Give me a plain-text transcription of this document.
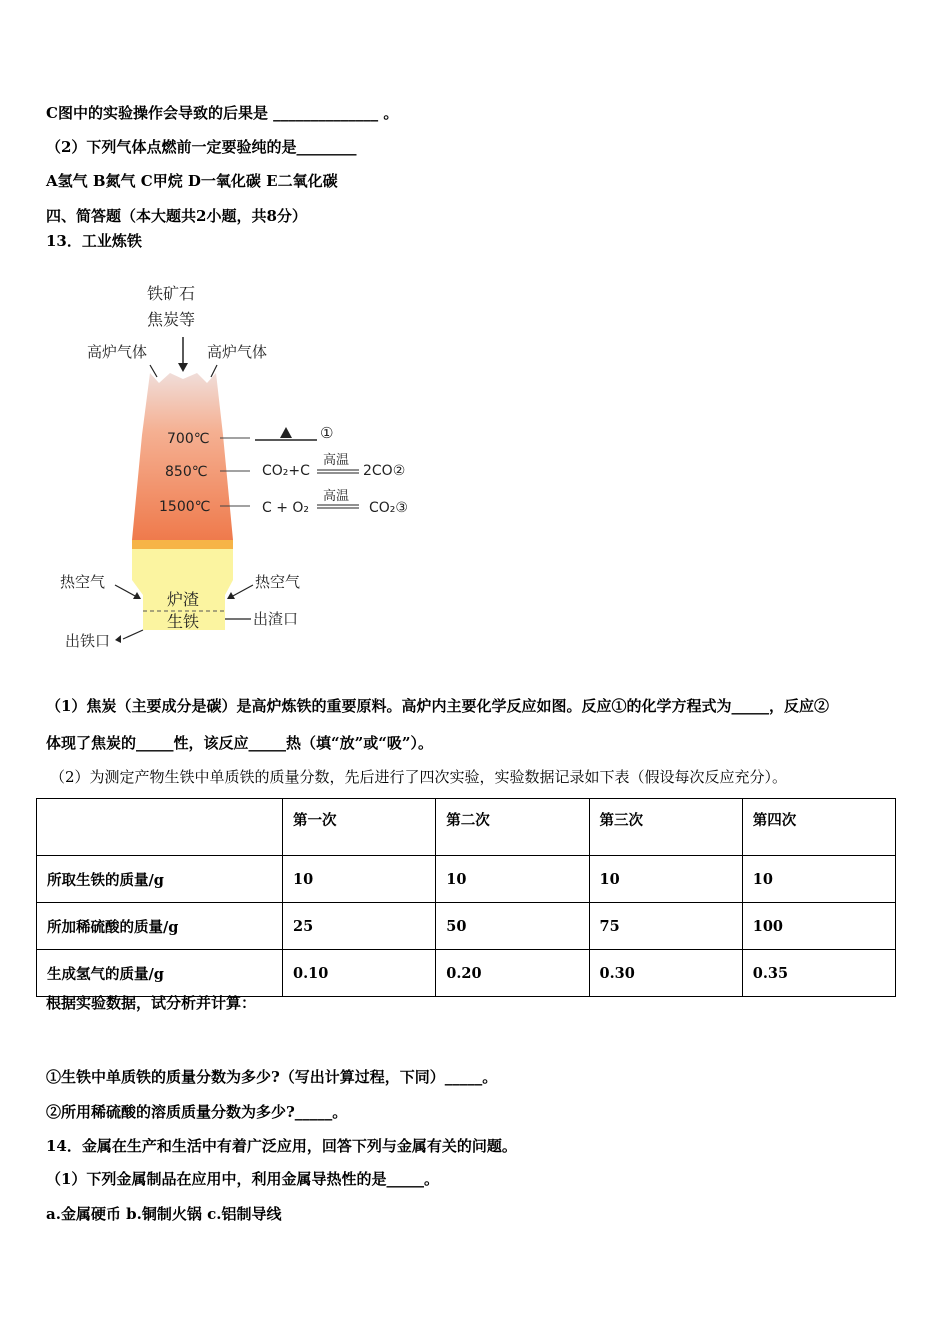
C图中的实验操作会导致的后果是 ______________ 。
（2）下列气体点燃前一定要验纯的是________
A氢气 B氮气 C甲烷 D一氧化碳 E二氧化碳
四、简答题（本大题共2小题，共8分）
13．工业炼铁
铁矿石
焦炭等
高炉气体	高炉气体
700℃
850℃
1500℃
①
CO₂+C
高温
2CO②
C + O₂
高温
CO₂③
热空气	热空气
炉渣
生铁	出渣口
出铁口
（1）焦炭（主要成分是碳）是高炉炼铁的重要原料。高炉内主要化学反应如图。反应①的化学方程式为_____，反应②
体现了焦炭的_____性，该反应_____热（填“放”或“吸”）。
（2）为测定产物生铁中单质铁的质量分数，先后进行了四次实验，实验数据记录如下表（假设每次反应充分）。
	第一次	第二次	第三次	第四次
所取生铁的质量/g	10	10	10	10
所加稀硫酸的质量/g	25	50	75	100
生成氢气的质量/g	0.10	0.20	0.30	0.35
根据实验数据，试分析并计算：
①生铁中单质铁的质量分数为多少?（写出计算过程，下同）_____。
②所用稀硫酸的溶质质量分数为多少?_____。
14．金属在生产和生活中有着广泛应用，回答下列与金属有关的问题。
（1）下列金属制品在应用中，利用金属导热性的是_____。
a.金属硬币 b.铜制火锅 c.铝制导线
